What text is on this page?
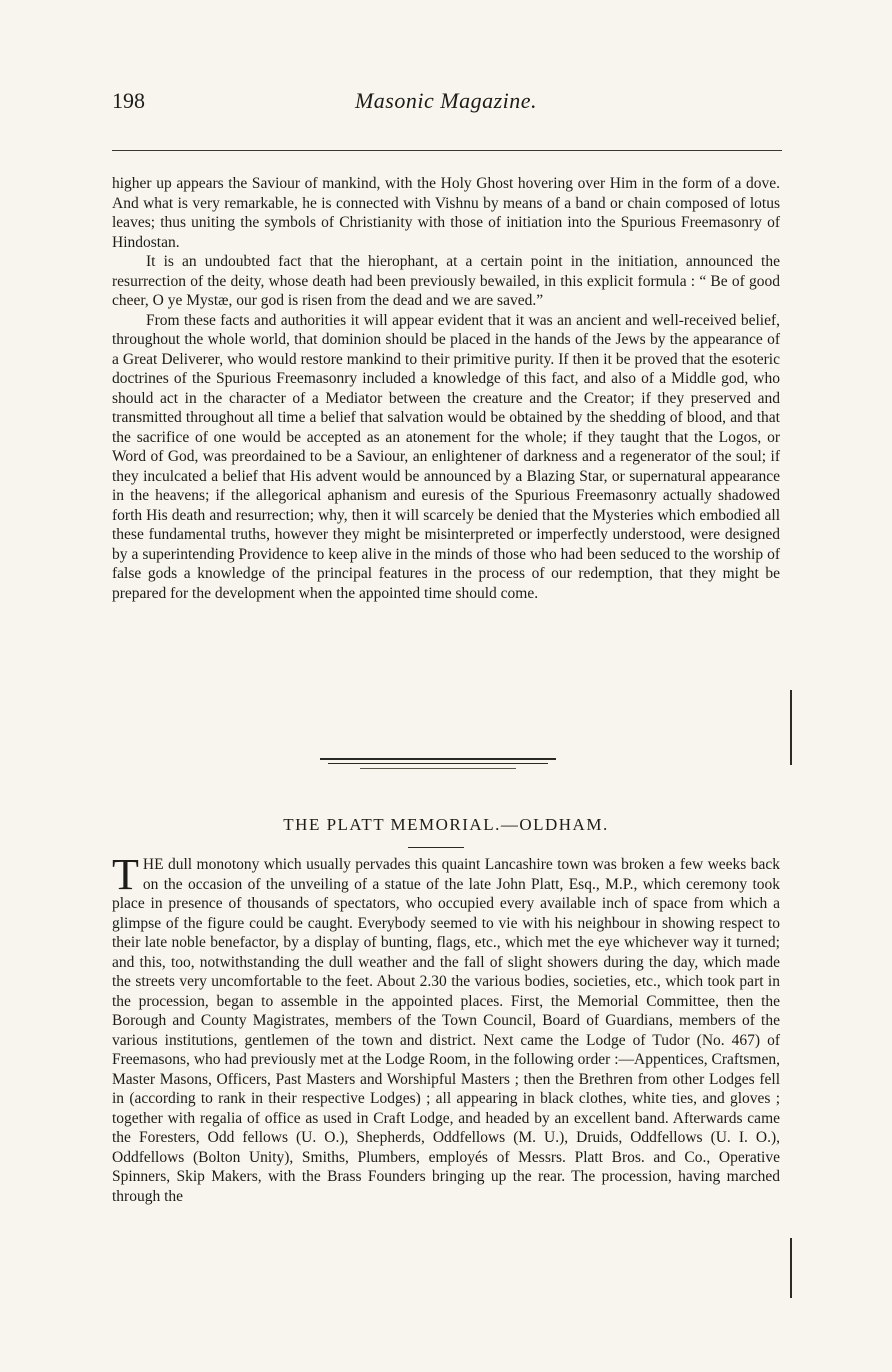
198	Masonic Magazine.

higher up appears the Saviour of mankind, with the Holy Ghost hovering over Him in the form of a dove. And what is very remarkable, he is connected with Vishnu by means of a band or chain composed of lotus leaves; thus uniting the symbols of Christianity with those of initiation into the Spurious Freemasonry of Hindostan.

It is an undoubted fact that the hierophant, at a certain point in the initiation, announced the resurrection of the deity, whose death had been previously bewailed, in this explicit formula : “ Be of good cheer, O ye Mystæ, our god is risen from the dead and we are saved.”

From these facts and authorities it will appear evident that it was an ancient and well-received belief, throughout the whole world, that dominion should be placed in the hands of the Jews by the appearance of a Great Deliverer, who would restore mankind to their primitive purity. If then it be proved that the esoteric doctrines of the Spurious Freemasonry included a knowledge of this fact, and also of a Middle god, who should act in the character of a Mediator between the creature and the Creator; if they preserved and transmitted throughout all time a belief that salvation would be obtained by the shedding of blood, and that the sacrifice of one would be accepted as an atonement for the whole; if they taught that the Logos, or Word of God, was preordained to be a Saviour, an enlightener of darkness and a regenerator of the soul; if they inculcated a belief that His advent would be announced by a Blazing Star, or supernatural appearance in the heavens; if the allegorical aphanism and euresis of the Spurious Freemasonry actually shadowed forth His death and resurrection; why, then it will scarcely be denied that the Mysteries which embodied all these fundamental truths, however they might be misinterpreted or imperfectly understood, were designed by a superintending Providence to keep alive in the minds of those who had been seduced to the worship of false gods a knowledge of the principal features in the process of our redemption, that they might be prepared for the development when the appointed time should come.

THE PLATT MEMORIAL.—OLDHAM.

THE dull monotony which usually pervades this quaint Lancashire town was broken a few weeks back on the occasion of the unveiling of a statue of the late John Platt, Esq., M.P., which ceremony took place in presence of thousands of spectators, who occupied every available inch of space from which a glimpse of the figure could be caught. Everybody seemed to vie with his neighbour in showing respect to their late noble benefactor, by a display of bunting, flags, etc., which met the eye whichever way it turned; and this, too, notwithstanding the dull weather and the fall of slight showers during the day, which made the streets very uncomfortable to the feet. About 2.30 the various bodies, societies, etc., which took part in the procession, began to assemble in the appointed places. First, the Memorial Committee, then the Borough and County Magistrates, members of the Town Council, Board of Guardians, members of the various institutions, gentlemen of the town and district. Next came the Lodge of Tudor (No. 467) of Freemasons, who had previously met at the Lodge Room, in the following order :—Appentices, Craftsmen, Master Masons, Officers, Past Masters and Worshipful Masters ; then the Brethren from other Lodges fell in (according to rank in their respective Lodges) ; all appearing in black clothes, white ties, and gloves ; together with regalia of office as used in Craft Lodge, and headed by an excellent band. Afterwards came the Foresters, Odd fellows (U. O.), Shepherds, Oddfellows (M. U.), Druids, Oddfellows (U. I. O.), Oddfellows (Bolton Unity), Smiths, Plumbers, employés of Messrs. Platt Bros. and Co., Operative Spinners, Skip Makers, with the Brass Founders bringing up the rear. The procession, having marched through the
